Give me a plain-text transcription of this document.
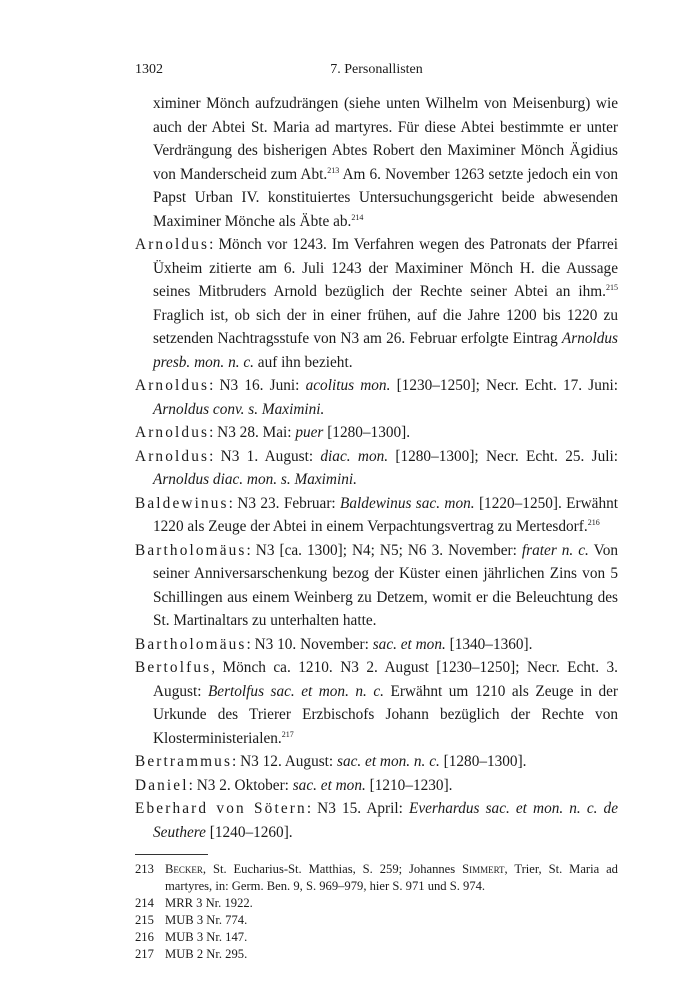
1302	7. Personallisten

ximiner Mönch aufzudrängen (siehe unten Wilhelm von Meisenburg) wie auch der Abtei St. Maria ad martyres. Für diese Abtei bestimmte er unter Verdrängung des bisherigen Abtes Robert den Maximiner Mönch Ägidius von Manderscheid zum Abt.$^{213}$ Am 6. November 1263 setzte jedoch ein von Papst Urban IV. konstituiertes Untersuchungsgericht beide abwesenden Maximiner Mönche als Äbte ab.$^{214}$

Arnoldus: Mönch vor 1243. Im Verfahren wegen des Patronats der Pfarrei Üxheim zitierte am 6. Juli 1243 der Maximiner Mönch H. die Aussage seines Mitbruders Arnold bezüglich der Rechte seiner Abtei an ihm.$^{215}$ Fraglich ist, ob sich der in einer frühen, auf die Jahre 1200 bis 1220 zu setzenden Nachtragsstufe von N3 am 26. Februar erfolgte Eintrag Arnoldus presb. mon. n. c. auf ihn bezieht.

Arnoldus: N3 16. Juni: acolitus mon. [1230–1250]; Necr. Echt. 17. Juni: Arnoldus conv. s. Maximini.

Arnoldus: N3 28. Mai: puer [1280–1300].

Arnoldus: N3 1. August: diac. mon. [1280–1300]; Necr. Echt. 25. Juli: Arnoldus diac. mon. s. Maximini.

Baldewinus: N3 23. Februar: Baldewinus sac. mon. [1220–1250]. Erwähnt 1220 als Zeuge der Abtei in einem Verpachtungsvertrag zu Mertesdorf.$^{216}$

Bartholomäus: N3 [ca. 1300]; N4; N5; N6 3. November: frater n. c. Von seiner Anniversarschenkung bezog der Küster einen jährlichen Zins von 5 Schillingen aus einem Weinberg zu Detzem, womit er die Beleuchtung des St. Martinaltars zu unterhalten hatte.

Bartholomäus: N3 10. November: sac. et mon. [1340–1360].

Bertolfus, Mönch ca. 1210. N3 2. August [1230–1250]; Necr. Echt. 3. August: Bertolfus sac. et mon. n. c. Erwähnt um 1210 als Zeuge in der Urkunde des Trierer Erzbischofs Johann bezüglich der Rechte von Klosterministerialen.$^{217}$

Bertrammus: N3 12. August: sac. et mon. n. c. [1280–1300].

Daniel: N3 2. Oktober: sac. et mon. [1210–1230].

Eberhard von Sötern: N3 15. April: Everhardus sac. et mon. n. c. de Seuthere [1240–1260].

213 Becker, St. Eucharius-St. Matthias, S. 259; Johannes Simmert, Trier, St. Maria ad martyres, in: Germ. Ben. 9, S. 969–979, hier S. 971 und S. 974.

214 MRR 3 Nr. 1922.

215 MUB 3 Nr. 774.

216 MUB 3 Nr. 147.

217 MUB 2 Nr. 295.
